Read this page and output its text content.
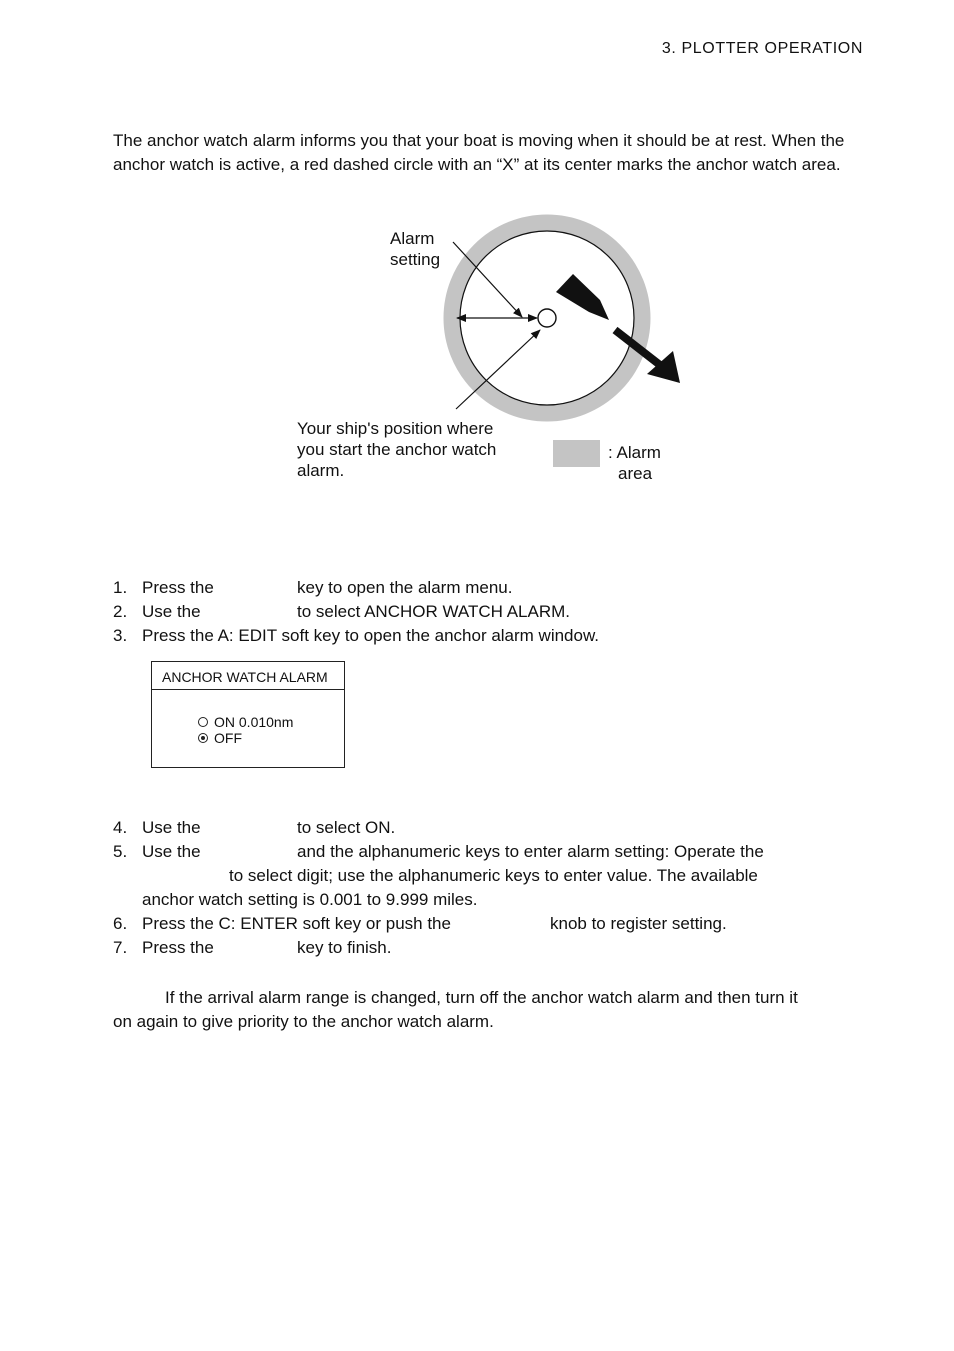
3. PLOTTER OPERATION
The anchor watch alarm informs you that your boat is moving when it should be at rest. When the anchor watch is active, a red dashed circle with an “X” at its center marks the anchor watch area.
Alarm
setting
Your ship's position where
you start the anchor watch
alarm.
: Alarm
area
1. Press the	key to open the alarm menu.
2. Use the	to select ANCHOR WATCH ALARM.
3. Press the A: EDIT soft key to open the anchor alarm window.
ANCHOR WATCH ALARM
ON 0.010nm
OFF
4. Use the	to select ON.
5. Use the	and the alphanumeric keys to enter alarm setting: Operate the
to select digit; use the alphanumeric keys to enter value. The available
anchor watch setting is 0.001 to 9.999 miles.
6. Press the C: ENTER soft key or push the	knob to register setting.
7. Press the	key to finish.
If the arrival alarm range is changed, turn off the anchor watch alarm and then turn it
on again to give priority to the anchor watch alarm.
